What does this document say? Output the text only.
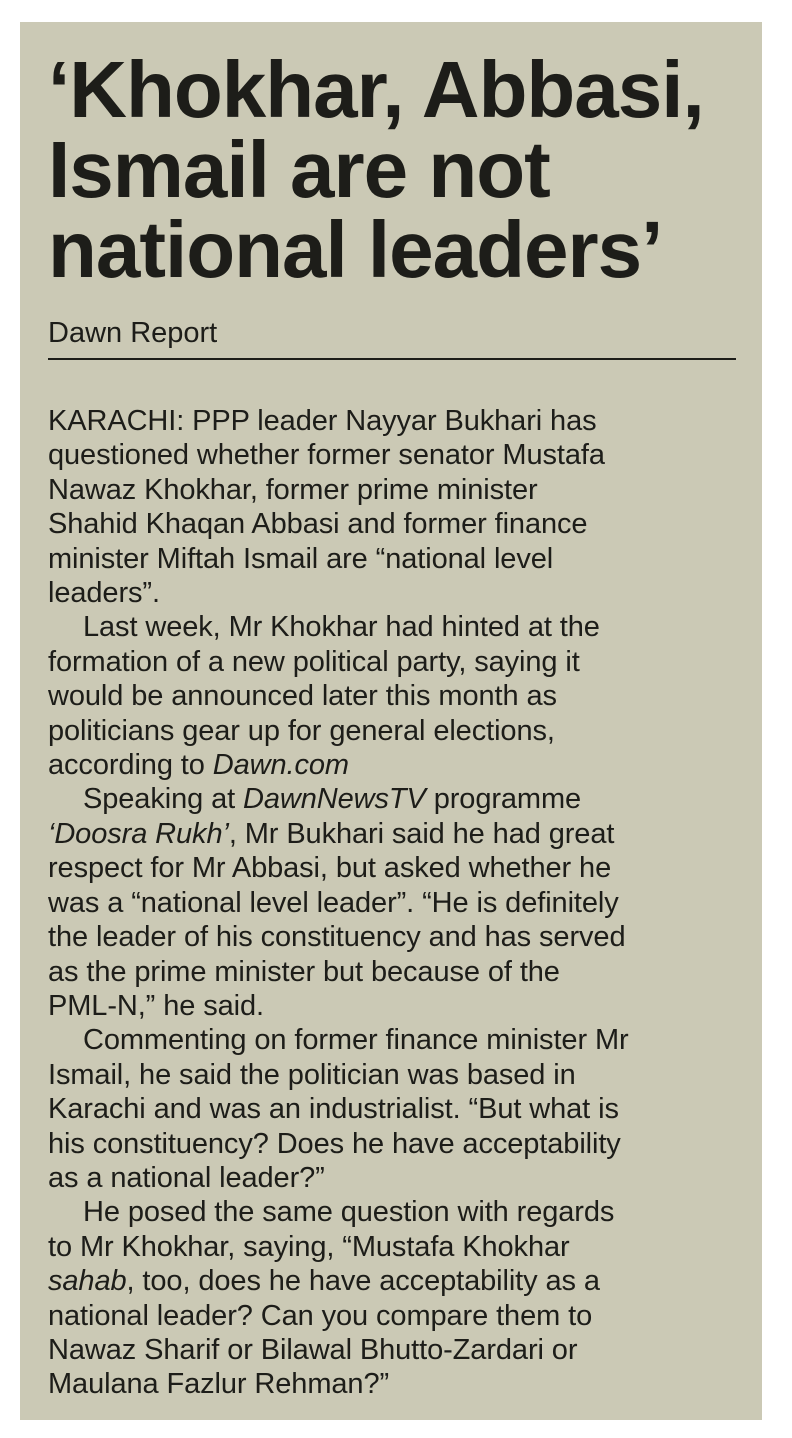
‘Khokhar, Abbasi,
Ismail are not
national leaders’
Dawn Report
KARACHI: PPP leader Nayyar Bukhari has
questioned whether former senator Mustafa
Nawaz Khokhar, former prime minister
Shahid Khaqan Abbasi and former finance
minister Miftah Ismail are “national level
leaders”.
Last week, Mr Khokhar had hinted at the
formation of a new political party, saying it
would be announced later this month as
politicians gear up for general elections,
according to Dawn.com
Speaking at DawnNewsTV programme
‘Doosra Rukh’, Mr Bukhari said he had great
respect for Mr Abbasi, but asked whether he
was a “national level leader”. “He is definitely
the leader of his constituency and has served
as the prime minister but because of the
PML-N,” he said.
Commenting on former finance minister Mr
Ismail, he said the politician was based in
Karachi and was an industrialist. “But what is
his constituency? Does he have acceptability
as a national leader?”
He posed the same question with regards
to Mr Khokhar, saying, “Mustafa Khokhar
sahab, too, does he have acceptability as a
national leader? Can you compare them to
Nawaz Sharif or Bilawal Bhutto-Zardari or
Maulana Fazlur Rehman?”
